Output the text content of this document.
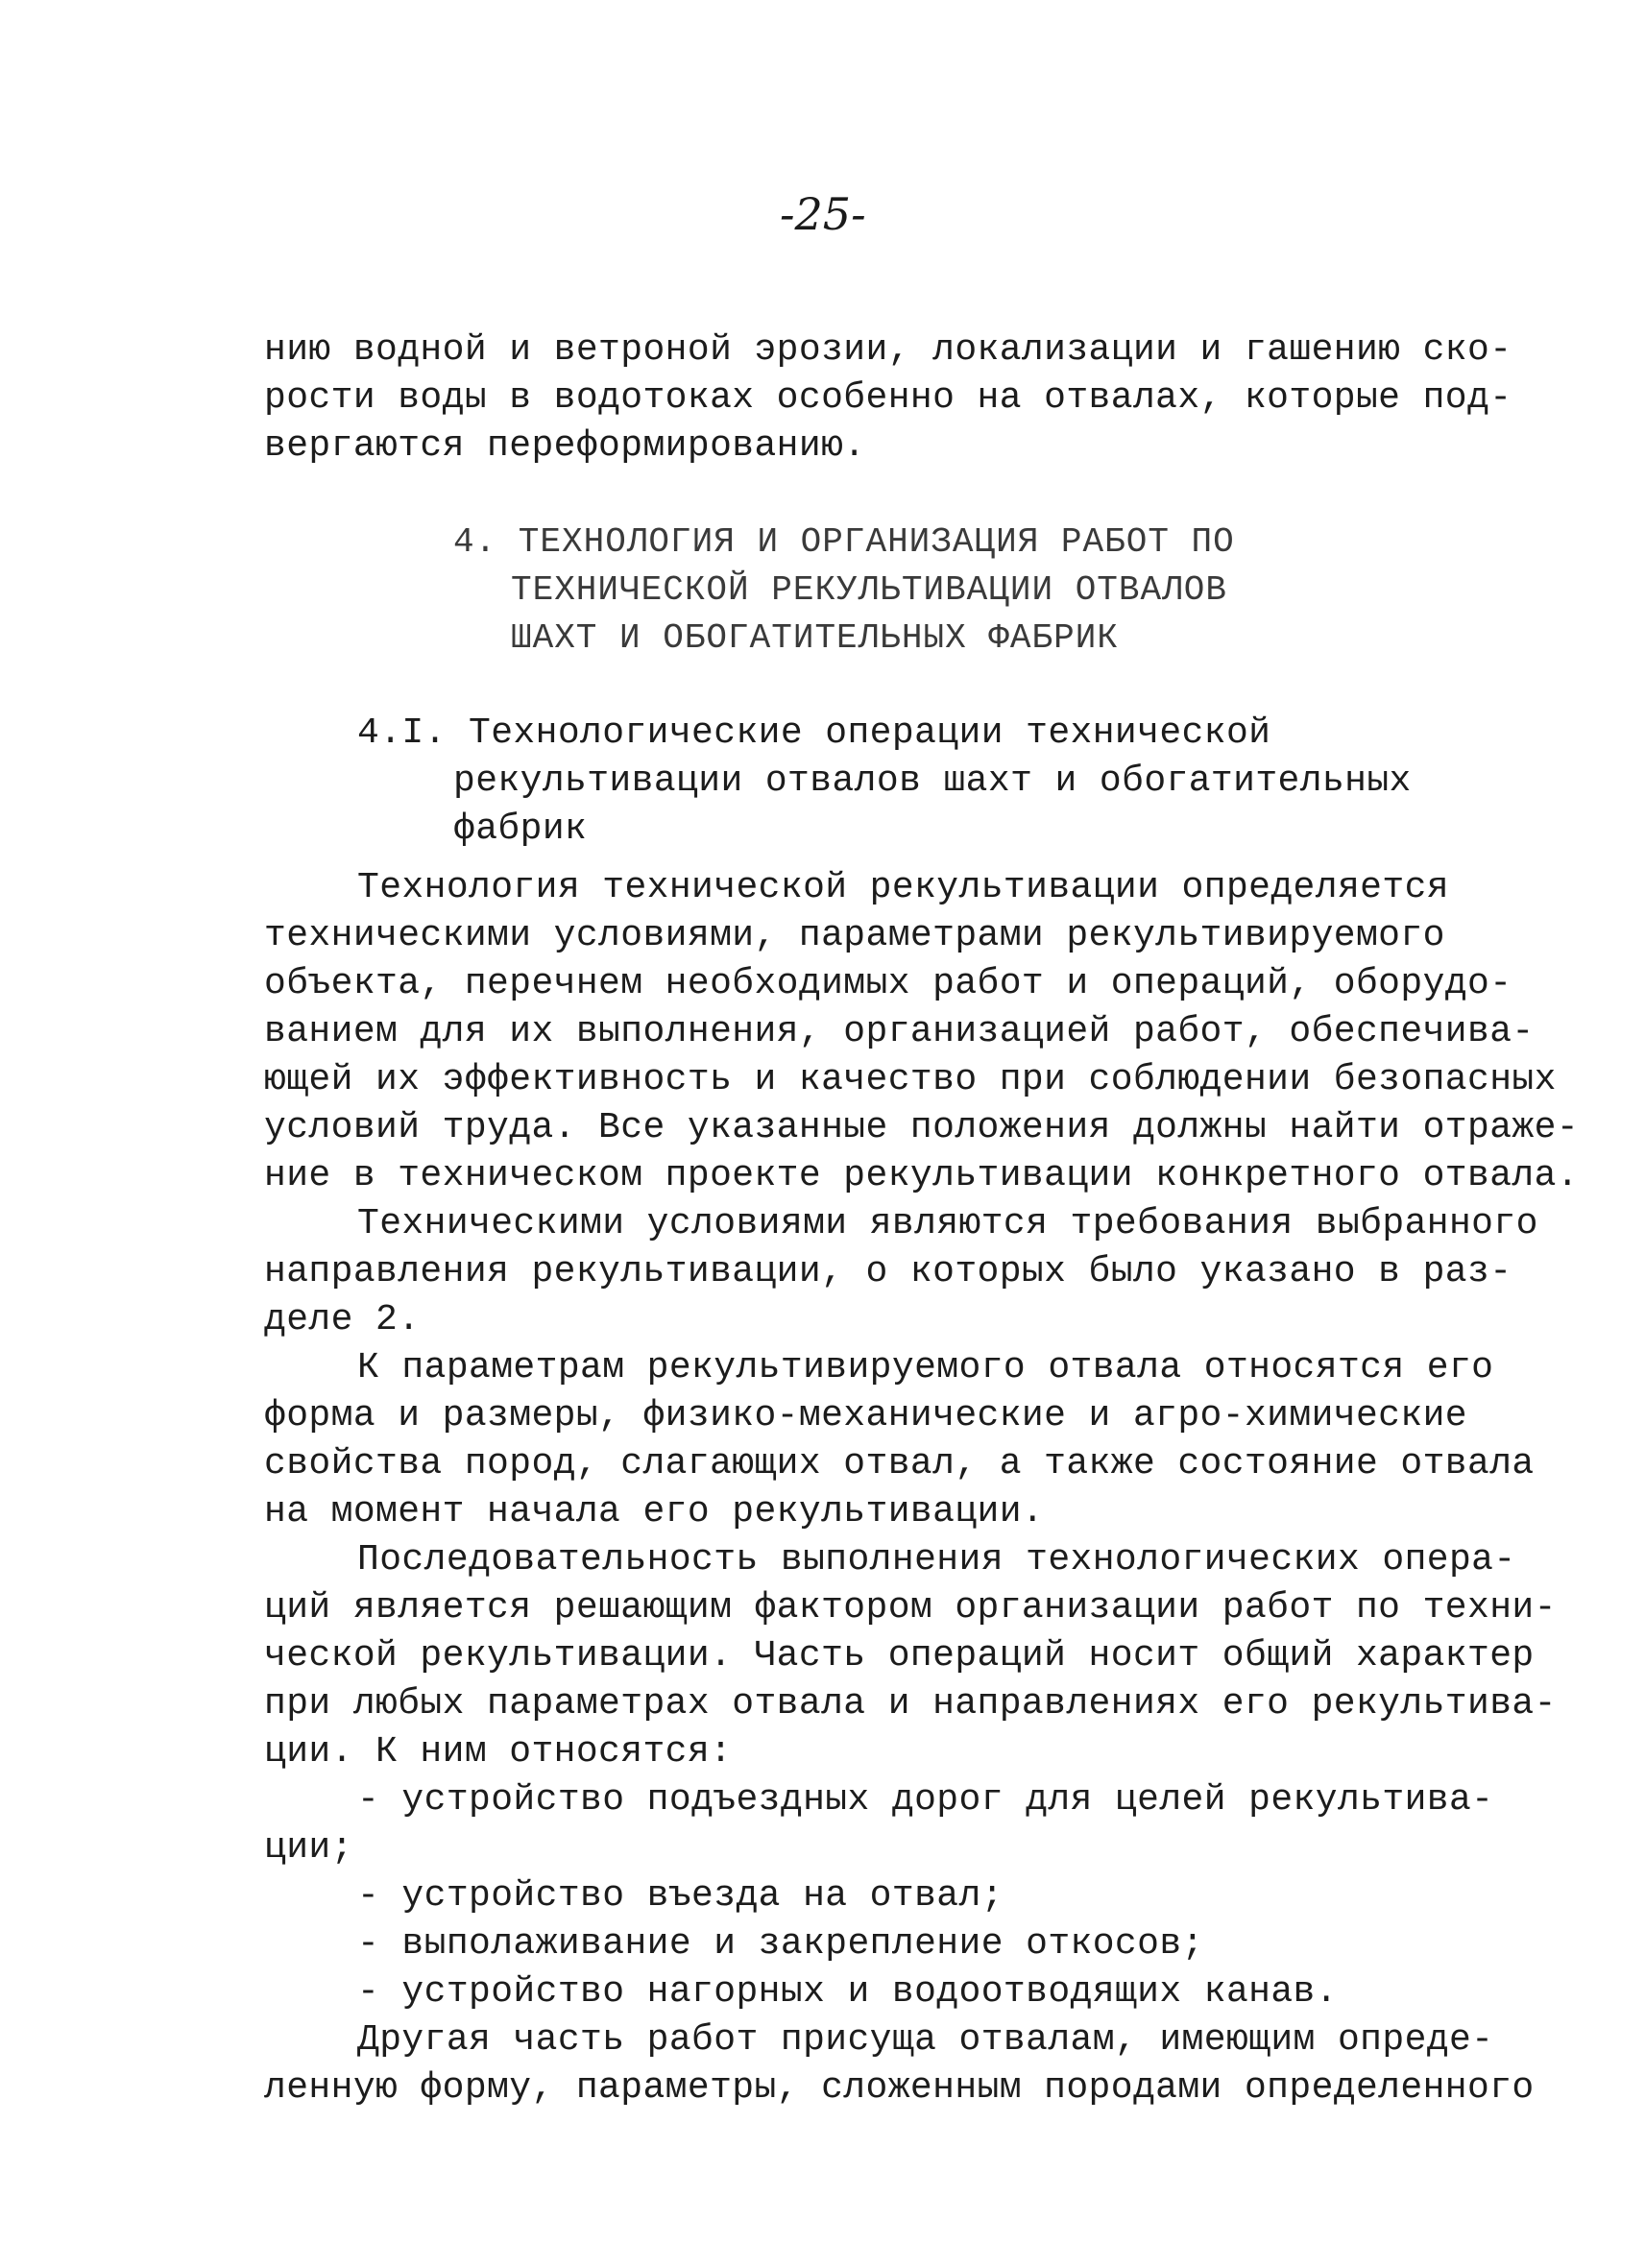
-25-
нию водной и ветроной эрозии, локализации и гашению ско-
рости воды в водотоках особенно на отвалах, которые под-
вергаются переформированию.
4. ТЕХНОЛОГИЯ И ОРГАНИЗАЦИЯ РАБОТ ПО
ТЕХНИЧЕСКОЙ РЕКУЛЬТИВАЦИИ ОТВАЛОВ
ШАХТ И ОБОГАТИТЕЛЬНЫХ ФАБРИК
4.I. Технологические операции технической
рекультивации отвалов шахт и обогатительных
фабрик
Технология технической рекультивации определяется
техническими условиями, параметрами рекультивируемого
объекта, перечнем необходимых работ и операций, оборудо-
ванием для их выполнения, организацией работ, обеспечива-
ющей их эффективность и качество при соблюдении безопасных
условий труда. Все указанные положения должны найти отраже-
ние в техническом проекте рекультивации конкретного отвала.
Техническими условиями являются требования выбранного
направления рекультивации, о которых было указано в раз-
деле 2.
К параметрам рекультивируемого отвала относятся его
форма и размеры, физико-механические и агро-химические
свойства пород, слагающих отвал, а также состояние отвала
на момент начала его рекультивации.
Последовательность выполнения технологических опера-
ций является решающим фактором организации работ по техни-
ческой рекультивации. Часть операций носит общий характер
при любых параметрах отвала и направлениях его рекультива-
ции. К ним относятся:
- устройство подъездных дорог для целей рекультива-
ции;
- устройство въезда на отвал;
- выполаживание и закрепление откосов;
- устройство нагорных и водоотводящих канав.
Другая часть работ присуща отвалам, имеющим опреде-
ленную форму, параметры, сложенным породами определенного
